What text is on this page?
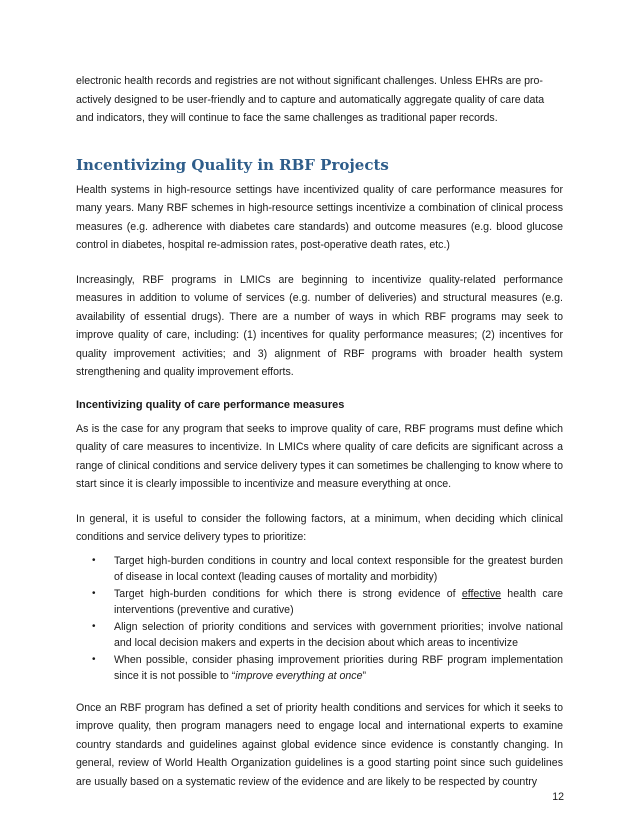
electronic health records and registries are not without significant challenges. Unless EHRs are pro-actively designed to be user-friendly and to capture and automatically aggregate quality of care data and indicators, they will continue to face the same challenges as traditional paper records.

Incentivizing Quality in RBF Projects

Health systems in high-resource settings have incentivized quality of care performance measures for many years. Many RBF schemes in high-resource settings incentivize a combination of clinical process measures (e.g. adherence with diabetes care standards) and outcome measures (e.g. blood glucose control in diabetes, hospital re-admission rates, post-operative death rates, etc.)

Increasingly, RBF programs in LMICs are beginning to incentivize quality-related performance measures in addition to volume of services (e.g. number of deliveries) and structural measures (e.g. availability of essential drugs). There are a number of ways in which RBF programs may seek to improve quality of care, including: (1) incentives for quality performance measures; (2) incentives for quality improvement activities; and 3) alignment of RBF programs with broader health system strengthening and quality improvement efforts.

Incentivizing quality of care performance measures

As is the case for any program that seeks to improve quality of care, RBF programs must define which quality of care measures to incentivize. In LMICs where quality of care deficits are significant across a range of clinical conditions and service delivery types it can sometimes be challenging to know where to start since it is clearly impossible to incentivize and measure everything at once.

In general, it is useful to consider the following factors, at a minimum, when deciding which clinical conditions and service delivery types to prioritize:

• Target high-burden conditions in country and local context responsible for the greatest burden of disease in local context (leading causes of mortality and morbidity)
• Target high-burden conditions for which there is strong evidence of effective health care interventions (preventive and curative)
• Align selection of priority conditions and services with government priorities; involve national and local decision makers and experts in the decision about which areas to incentivize
• When possible, consider phasing improvement priorities during RBF program implementation since it is not possible to “improve everything at once”

Once an RBF program has defined a set of priority health conditions and services for which it seeks to improve quality, then program managers need to engage local and international experts to examine country standards and guidelines against global evidence since evidence is constantly changing. In general, review of World Health Organization guidelines is a good starting point since such guidelines are usually based on a systematic review of the evidence and are likely to be respected by country

12
